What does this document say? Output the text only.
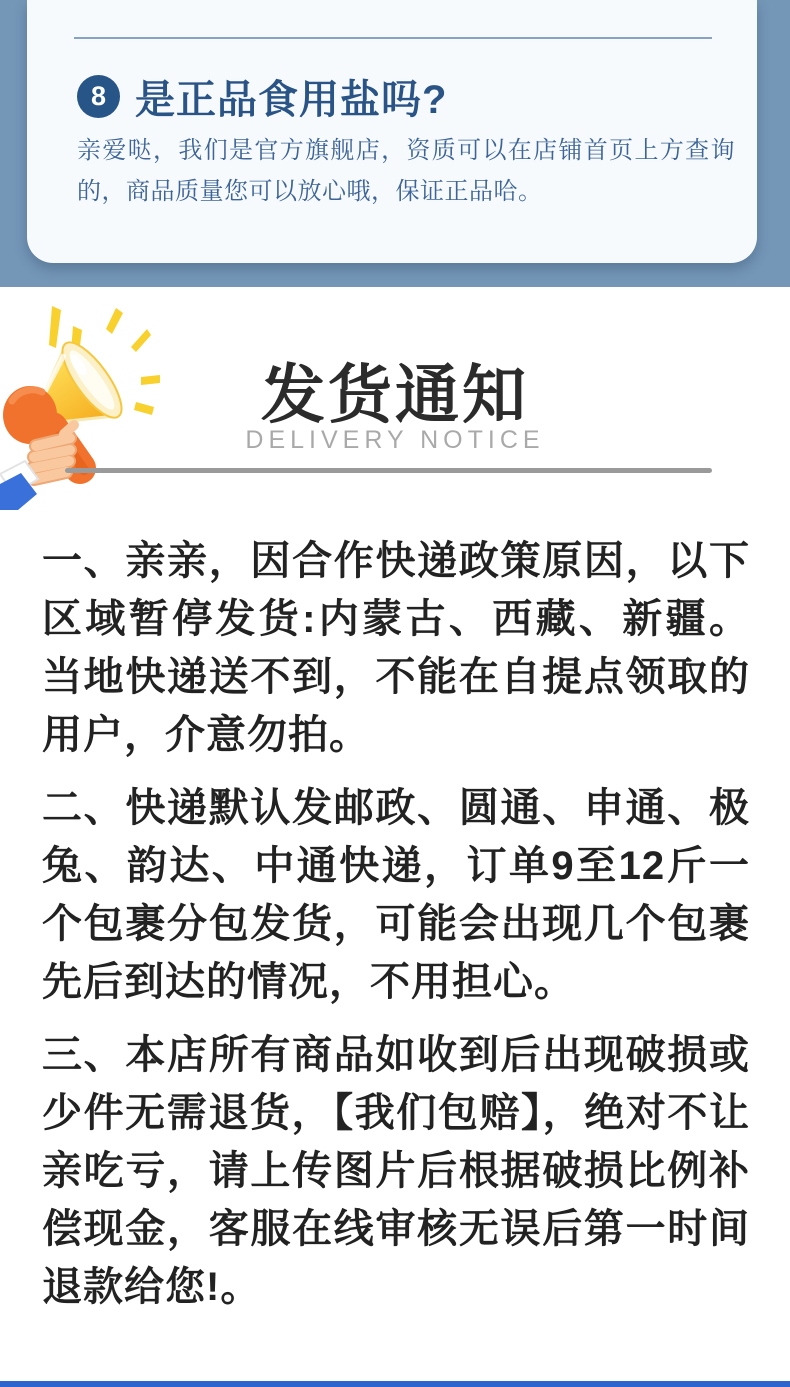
8 是正品食用盐吗?

亲爱哒，我们是官方旗舰店，资质可以在店铺首页上方查询的，商品质量您可以放心哦，保证正品哈。

发货通知
DELIVERY NOTICE

一、亲亲，因合作快递政策原因，以下区域暂停发货:内蒙古、西藏、新疆。当地快递送不到，不能在自提点领取的用户，介意勿拍。

二、快递默认发邮政、圆通、申通、极兔、韵达、中通快递，订单9至12斤一个包裹分包发货，可能会出现几个包裹先后到达的情况，不用担心。

三、本店所有商品如收到后出现破损或少件无需退货，【我们包赔】，绝对不让亲吃亏，请上传图片后根据破损比例补偿现金，客服在线审核无误后第一时间退款给您!。
